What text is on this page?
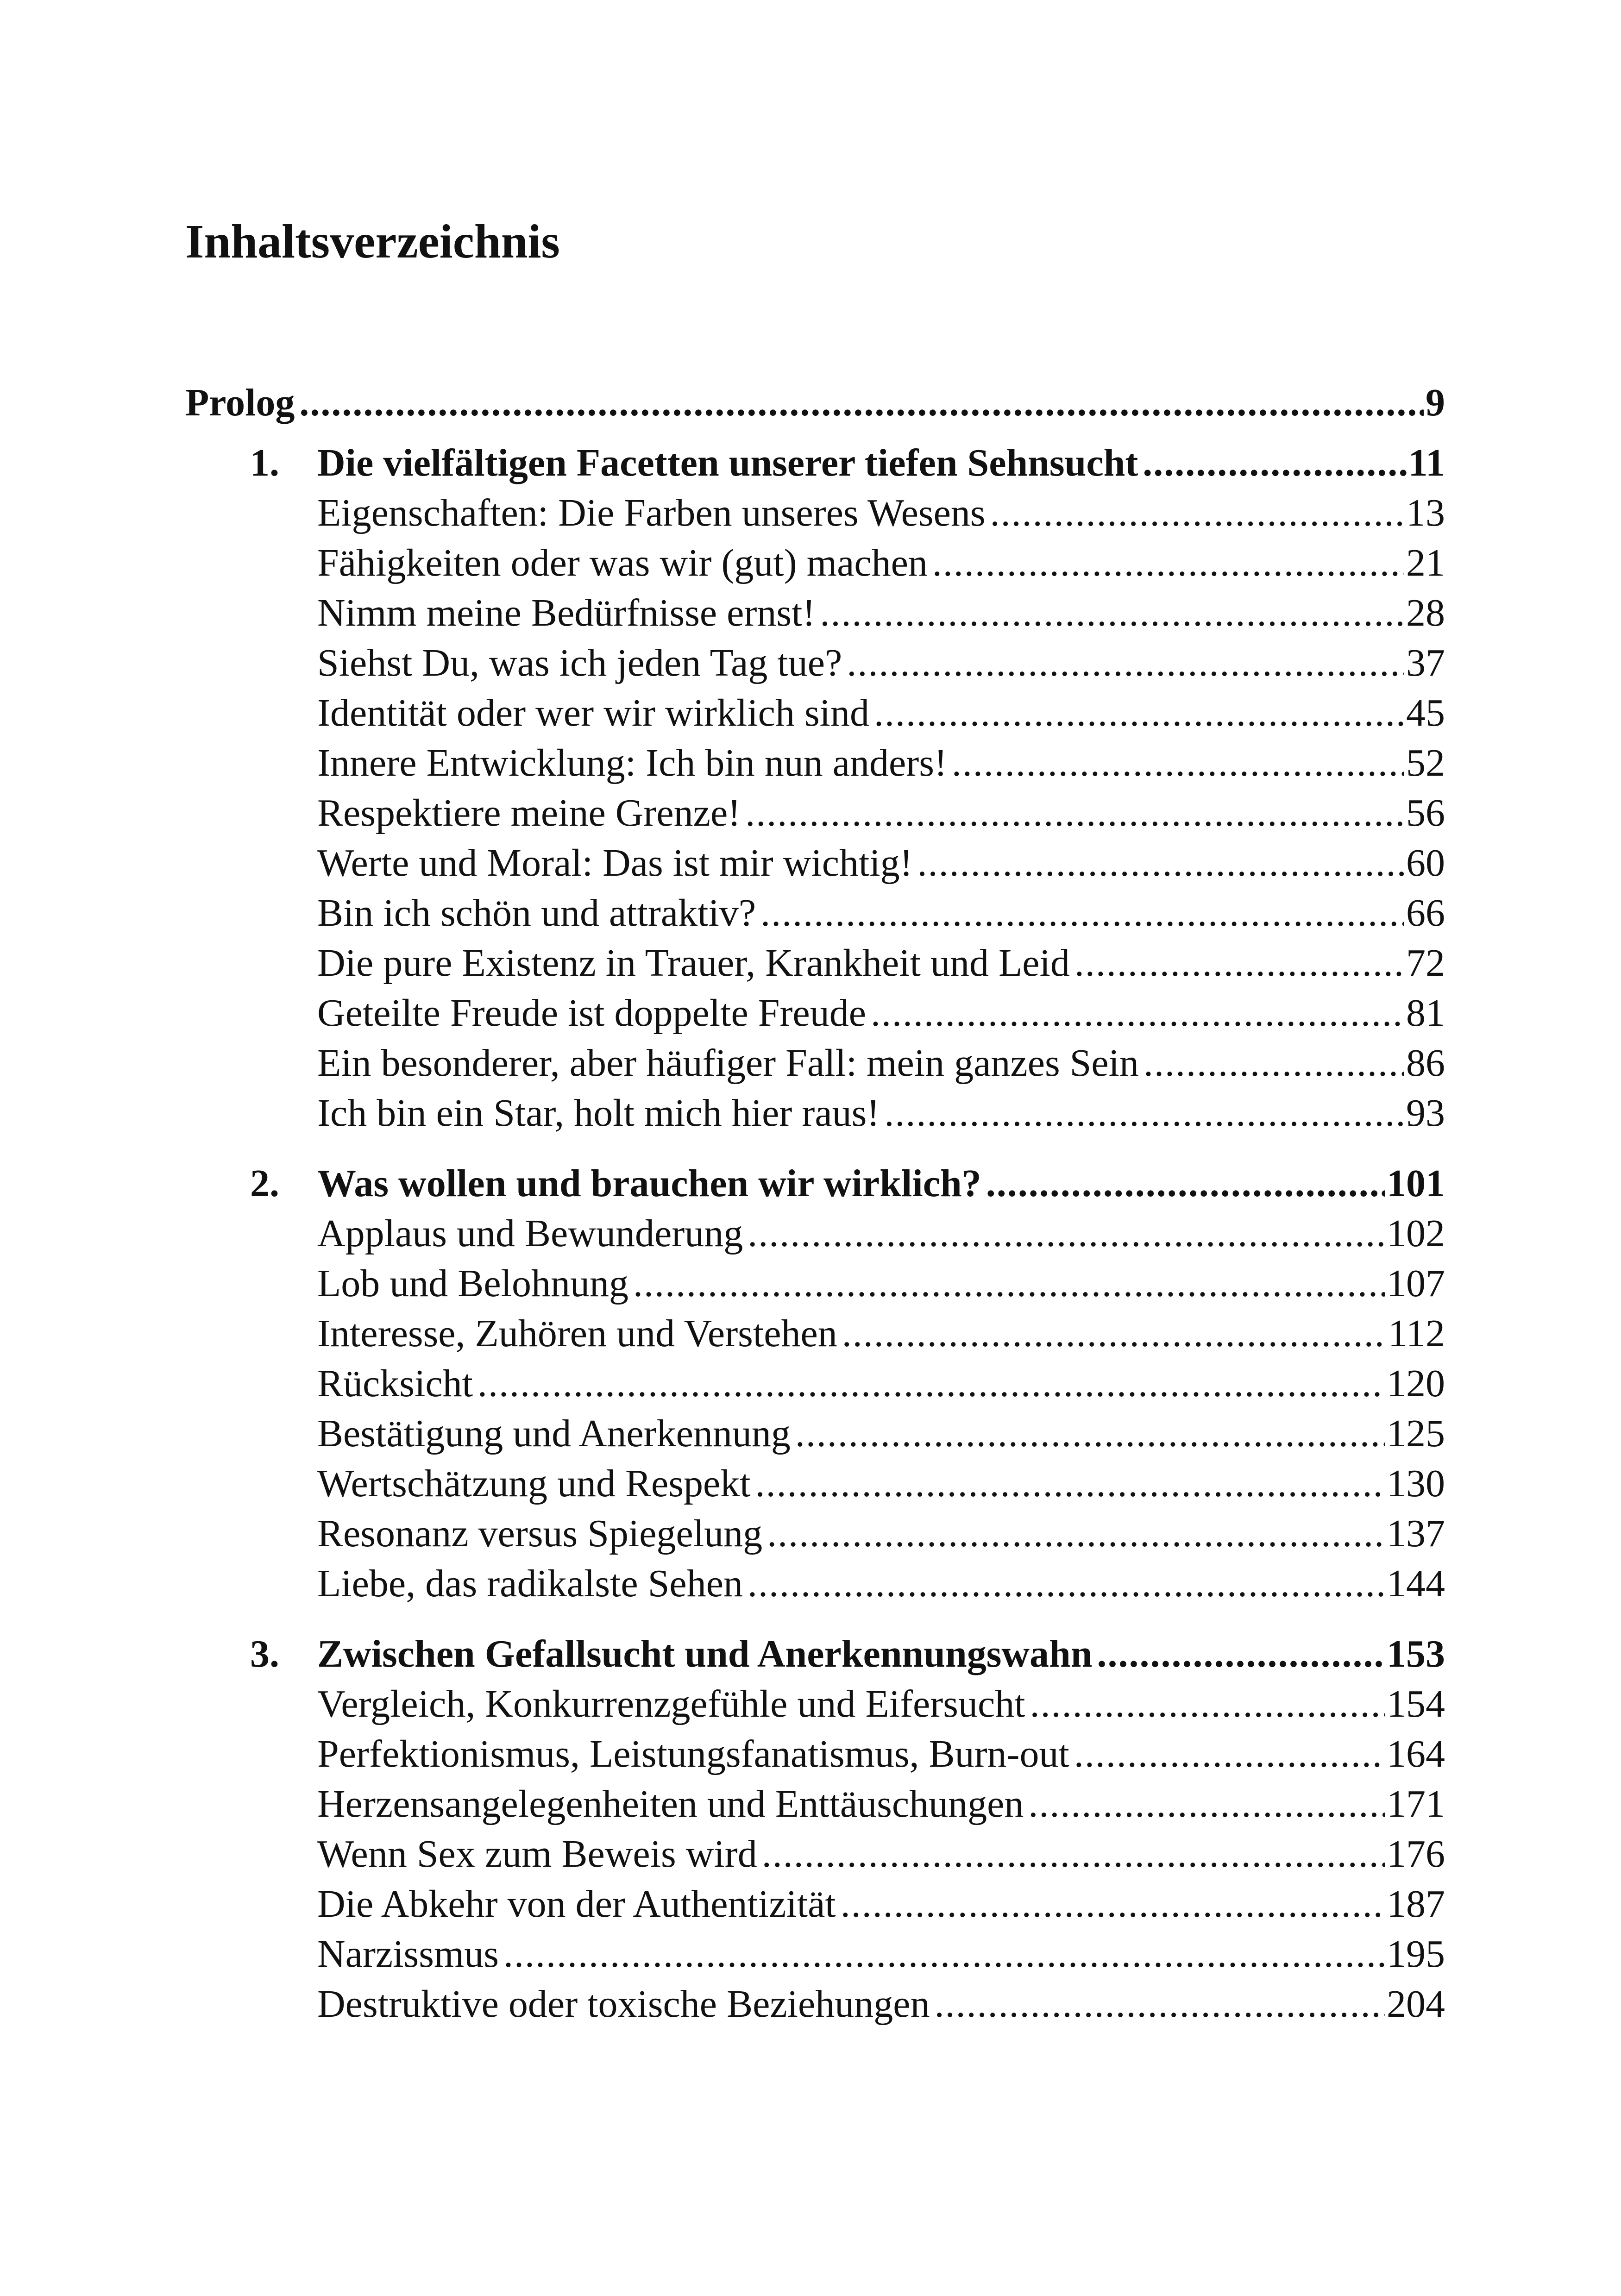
Inhaltsverzeichnis
Prolog .....	9
1. Die vielfältigen Facetten unserer tiefen Sehnsucht .....	11
Eigenschaften: Die Farben unseres Wesens .....	13
Fähigkeiten oder was wir (gut) machen .....	21
Nimm meine Bedürfnisse ernst! .....	28
Siehst Du, was ich jeden Tag tue? .....	37
Identität oder wer wir wirklich sind .....	45
Innere Entwicklung: Ich bin nun anders! .....	52
Respektiere meine Grenze! .....	56
Werte und Moral: Das ist mir wichtig! .....	60
Bin ich schön und attraktiv? .....	66
Die pure Existenz in Trauer, Krankheit und Leid .....	72
Geteilte Freude ist doppelte Freude .....	81
Ein besonderer, aber häufiger Fall: mein ganzes Sein .....	86
Ich bin ein Star, holt mich hier raus! .....	93
2. Was wollen und brauchen wir wirklich? .....	101
Applaus und Bewunderung .....	102
Lob und Belohnung .....	107
Interesse, Zuhören und Verstehen .....	112
Rücksicht .....	120
Bestätigung und Anerkennung .....	125
Wertschätzung und Respekt .....	130
Resonanz versus Spiegelung .....	137
Liebe, das radikalste Sehen .....	144
3. Zwischen Gefallsucht und Anerkennungswahn .....	153
Vergleich, Konkurrenzgefühle und Eifersucht .....	154
Perfektionismus, Leistungsfanatismus, Burn-out .....	164
Herzensangelegenheiten und Enttäuschungen .....	171
Wenn Sex zum Beweis wird .....	176
Die Abkehr von der Authentizität .....	187
Narzissmus .....	195
Destruktive oder toxische Beziehungen .....	204
